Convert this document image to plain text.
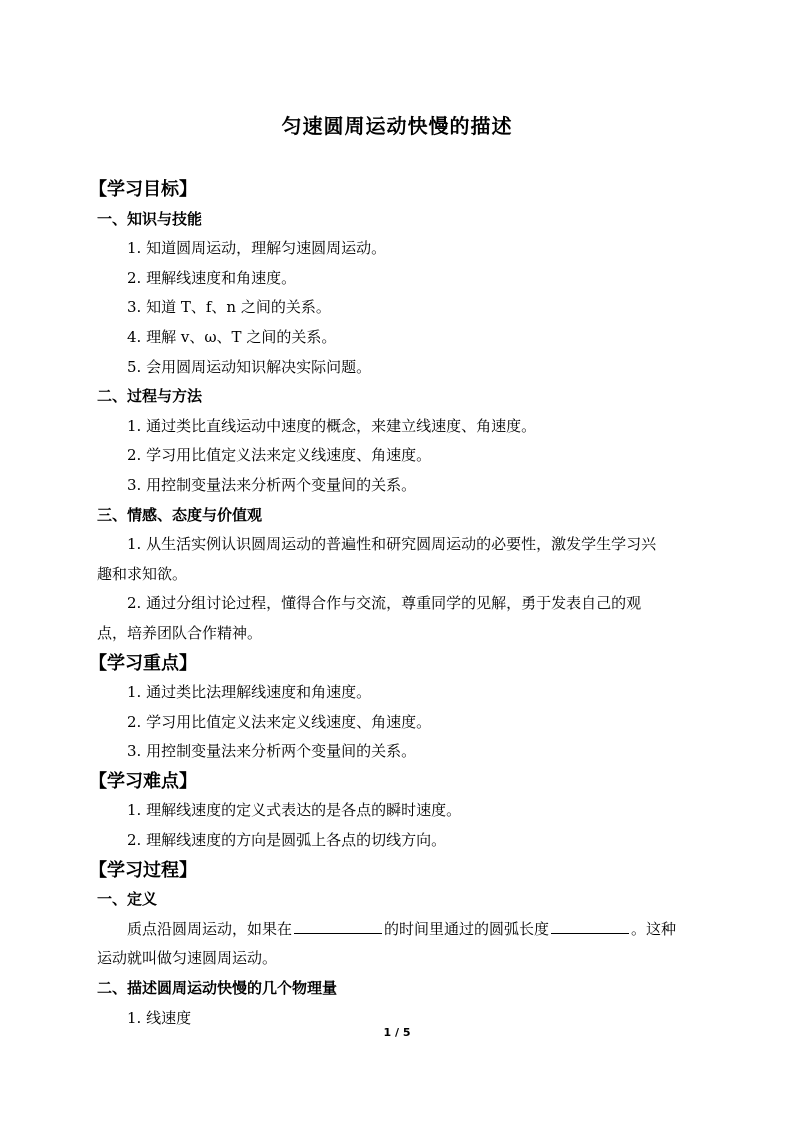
匀速圆周运动快慢的描述
【学习目标】
一、知识与技能
1. 知道圆周运动，理解匀速圆周运动。
2. 理解线速度和角速度。
3. 知道 T、f、n 之间的关系。
4. 理解 v、ω、T 之间的关系。
5. 会用圆周运动知识解决实际问题。
二、过程与方法
1. 通过类比直线运动中速度的概念，来建立线速度、角速度。
2. 学习用比值定义法来定义线速度、角速度。
3. 用控制变量法来分析两个变量间的关系。
三、情感、态度与价值观
1. 从生活实例认识圆周运动的普遍性和研究圆周运动的必要性，激发学生学习兴
趣和求知欲。
2. 通过分组讨论过程，懂得合作与交流，尊重同学的见解，勇于发表自己的观
点，培养团队合作精神。
【学习重点】
1. 通过类比法理解线速度和角速度。
2. 学习用比值定义法来定义线速度、角速度。
3. 用控制变量法来分析两个变量间的关系。
【学习难点】
1. 理解线速度的定义式表达的是各点的瞬时速度。
2. 理解线速度的方向是圆弧上各点的切线方向。
【学习过程】
一、定义
质点沿圆周运动，如果在	的时间里通过的圆弧长度	。这种
运动就叫做匀速圆周运动。
二、描述圆周运动快慢的几个物理量
1. 线速度
1 / 5
